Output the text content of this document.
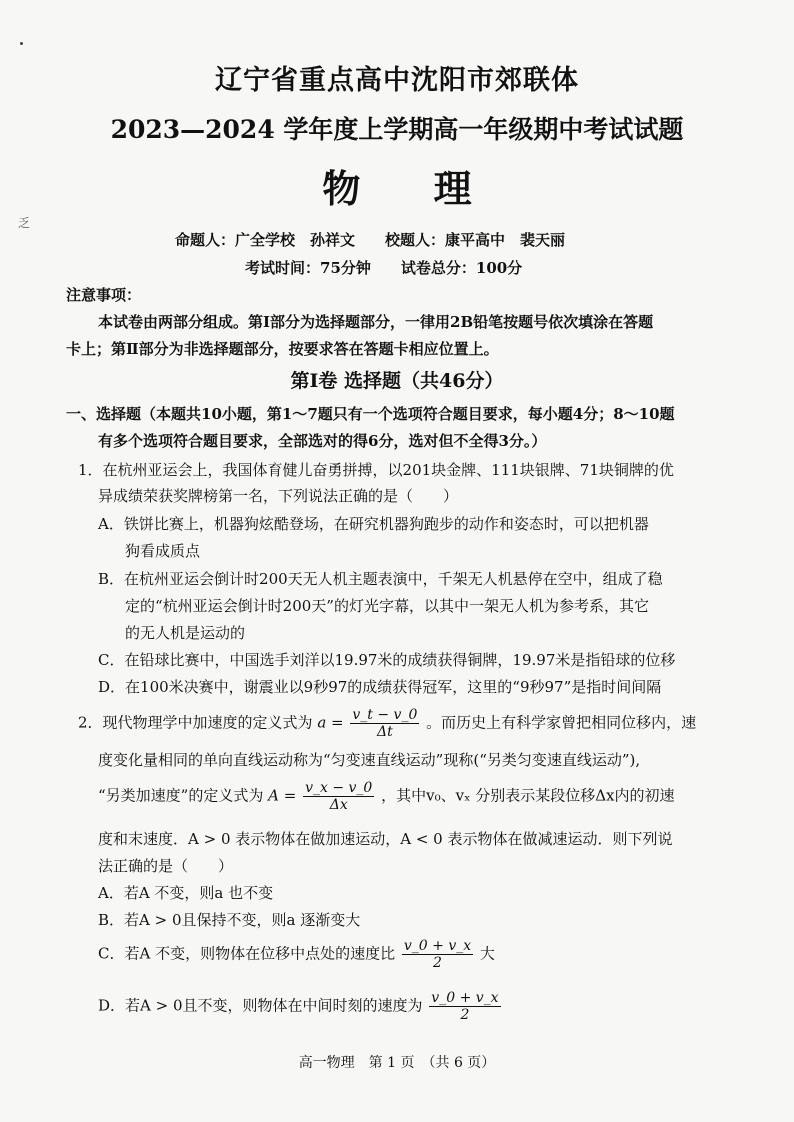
乏
辽宁省重点高中沈阳市郊联体
2023—2024 学年度上学期高一年级期中考试试题
物 理
命题人：广全学校　孙祥文　　校题人：康平高中　裴天丽
考试时间：75分钟　　试卷总分：100分
注意事项：
本试卷由两部分组成。第Ⅰ部分为选择题部分，一律用2B铅笔按题号依次填涂在答题
卡上；第Ⅱ部分为非选择题部分，按要求答在答题卡相应位置上。
第Ⅰ卷 选择题（共46分）
一、选择题（本题共10小题，第1～7题只有一个选项符合题目要求，每小题4分；8～10题
有多个选项符合题目要求，全部选对的得6分，选对但不全得3分。）
1．在杭州亚运会上，我国体育健儿奋勇拼搏，以201块金牌、111块银牌、71块铜牌的优
异成绩荣获奖牌榜第一名，下列说法正确的是（　　）
A．铁饼比赛上，机器狗炫酷登场，在研究机器狗跑步的动作和姿态时，可以把机器
狗看成质点
B．在杭州亚运会倒计时200天无人机主题表演中，千架无人机悬停在空中，组成了稳
定的“杭州亚运会倒计时200天”的灯光字幕，以其中一架无人机为参考系，其它
的无人机是运动的
C．在铅球比赛中，中国选手刘洋以19.97米的成绩获得铜牌，19.97米是指铅球的位移
D．在100米决赛中，谢震业以9秒97的成绩获得冠军，这里的“9秒97”是指时间间隔
2．现代物理学中加速度的定义式为 $a = \frac{v\_t - v\_0}{\Delta t}$ 。而历史上有科学家曾把相同位移内，速
度变化量相同的单向直线运动称为“匀变速直线运动”现称(“另类匀变速直线运动”),
“另类加速度”的定义式为 $A = \frac{v\_x - v\_0}{\Delta x}$ ，其中v₀、vₓ 分别表示某段位移Δx内的初速
度和末速度．A > 0 表示物体在做加速运动，A < 0 表示物体在做减速运动．则下列说
法正确的是（　　）
A．若A 不变，则a 也不变
B．若A > 0且保持不变，则a 逐渐变大
C．若A 不变，则物体在位移中点处的速度比 $\frac{v\_0 + v\_x}{2}$ 大
D．若A > 0且不变，则物体在中间时刻的速度为 $\frac{v\_0 + v\_x}{2}$
高一物理　第 1 页　（共 6 页）
